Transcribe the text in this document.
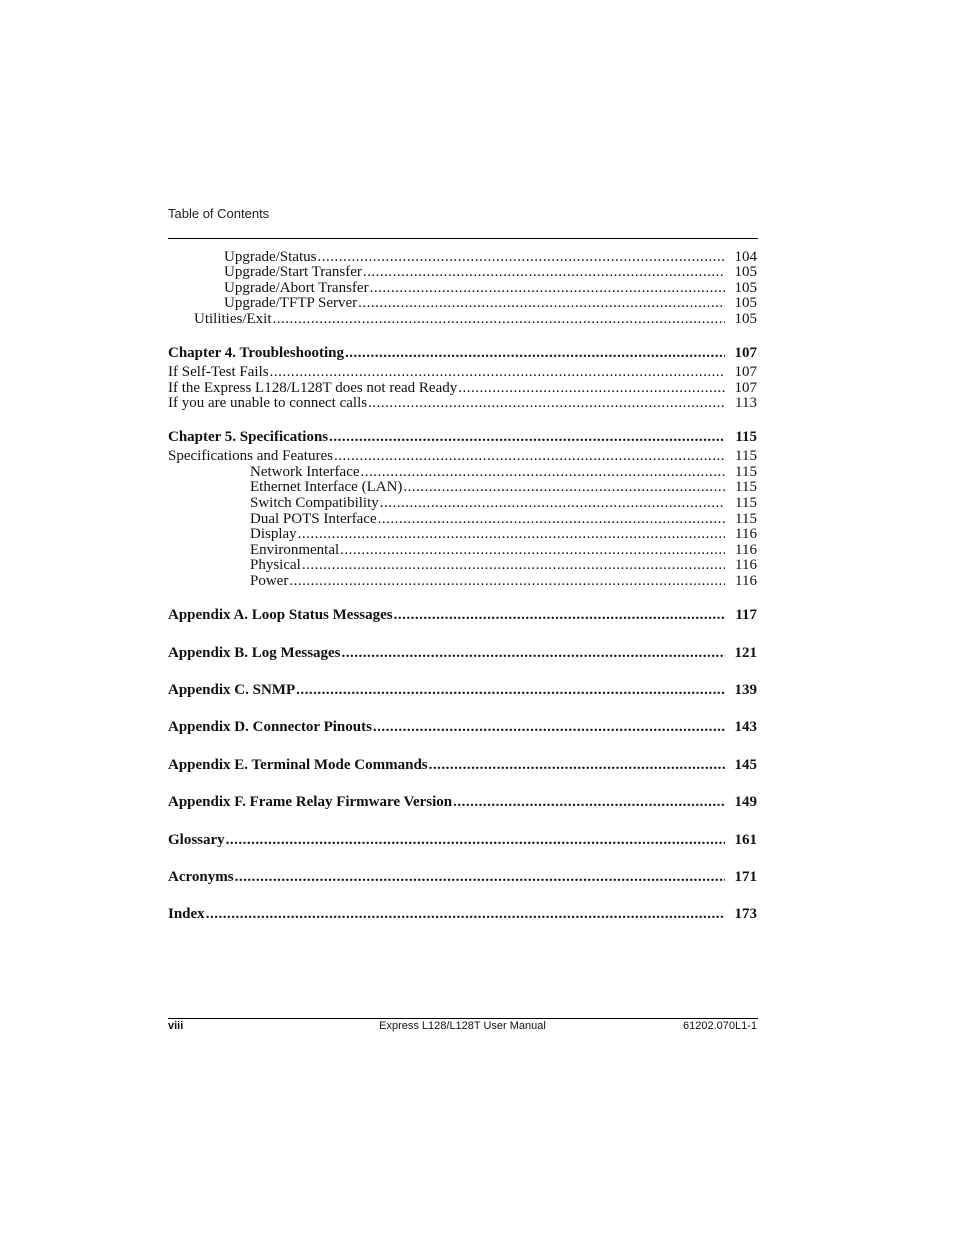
Table of Contents
Upgrade/Status .....	104
Upgrade/Start Transfer .....	105
Upgrade/Abort Transfer .....	105
Upgrade/TFTP Server .....	105
Utilities/Exit .....	105
Chapter 4. Troubleshooting .....	107
If Self-Test Fails .....	107
If the Express L128/L128T does not read Ready .....	107
If you are unable to connect calls .....	113
Chapter 5. Specifications .....	115
Specifications and Features .....	115
Network Interface .....	115
Ethernet Interface (LAN) .....	115
Switch Compatibility .....	115
Dual POTS Interface .....	115
Display .....	116
Environmental .....	116
Physical .....	116
Power .....	116
Appendix A. Loop Status Messages .....	117
Appendix B. Log Messages .....	121
Appendix C. SNMP .....	139
Appendix D. Connector Pinouts .....	143
Appendix E. Terminal Mode Commands .....	145
Appendix F. Frame Relay Firmware Version .....	149
Glossary .....	161
Acronyms .....	171
Index .....	173
viii	Express L128/L128T User Manual	61202.070L1-1
